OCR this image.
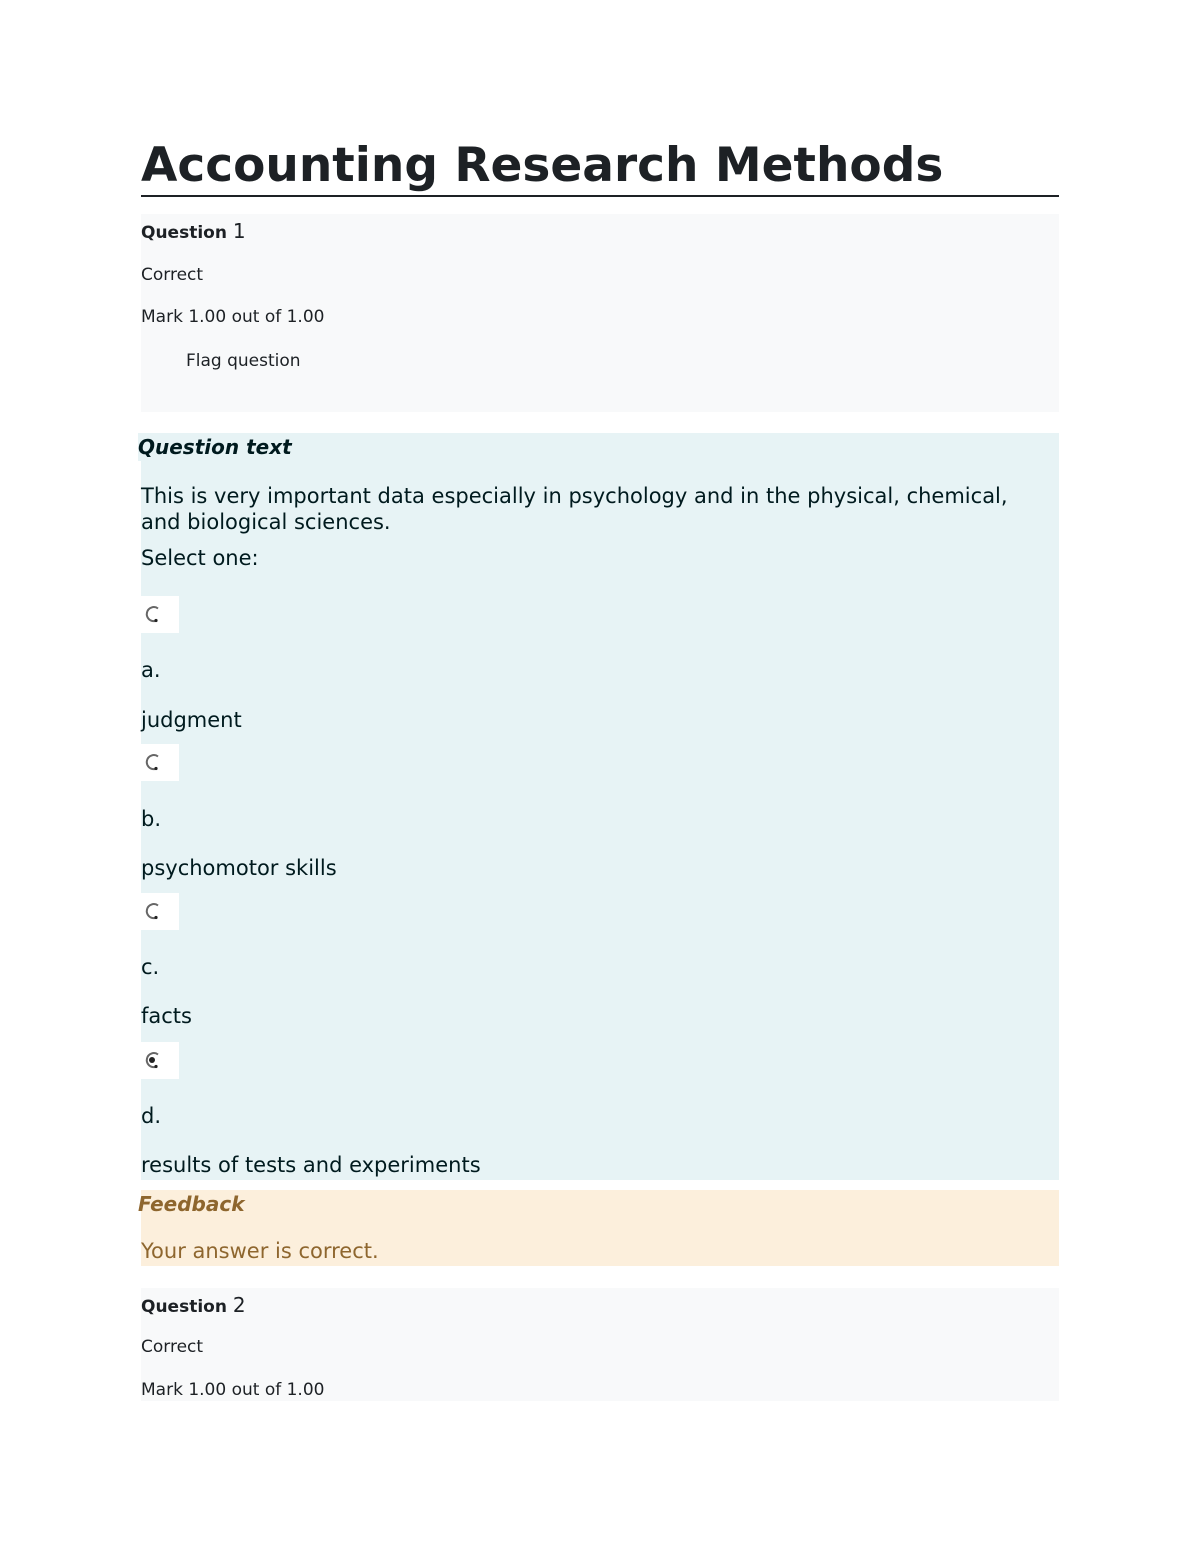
Accounting Research Methods
Question 1
Correct
Mark 1.00 out of 1.00
Flag question
Question text
This is very important data especially in psychology and in the physical, chemical, and biological sciences.
Select one:
a.
judgment
b.
psychomotor skills
c.
facts
d.
results of tests and experiments
Feedback
Your answer is correct.
Question 2
Correct
Mark 1.00 out of 1.00
